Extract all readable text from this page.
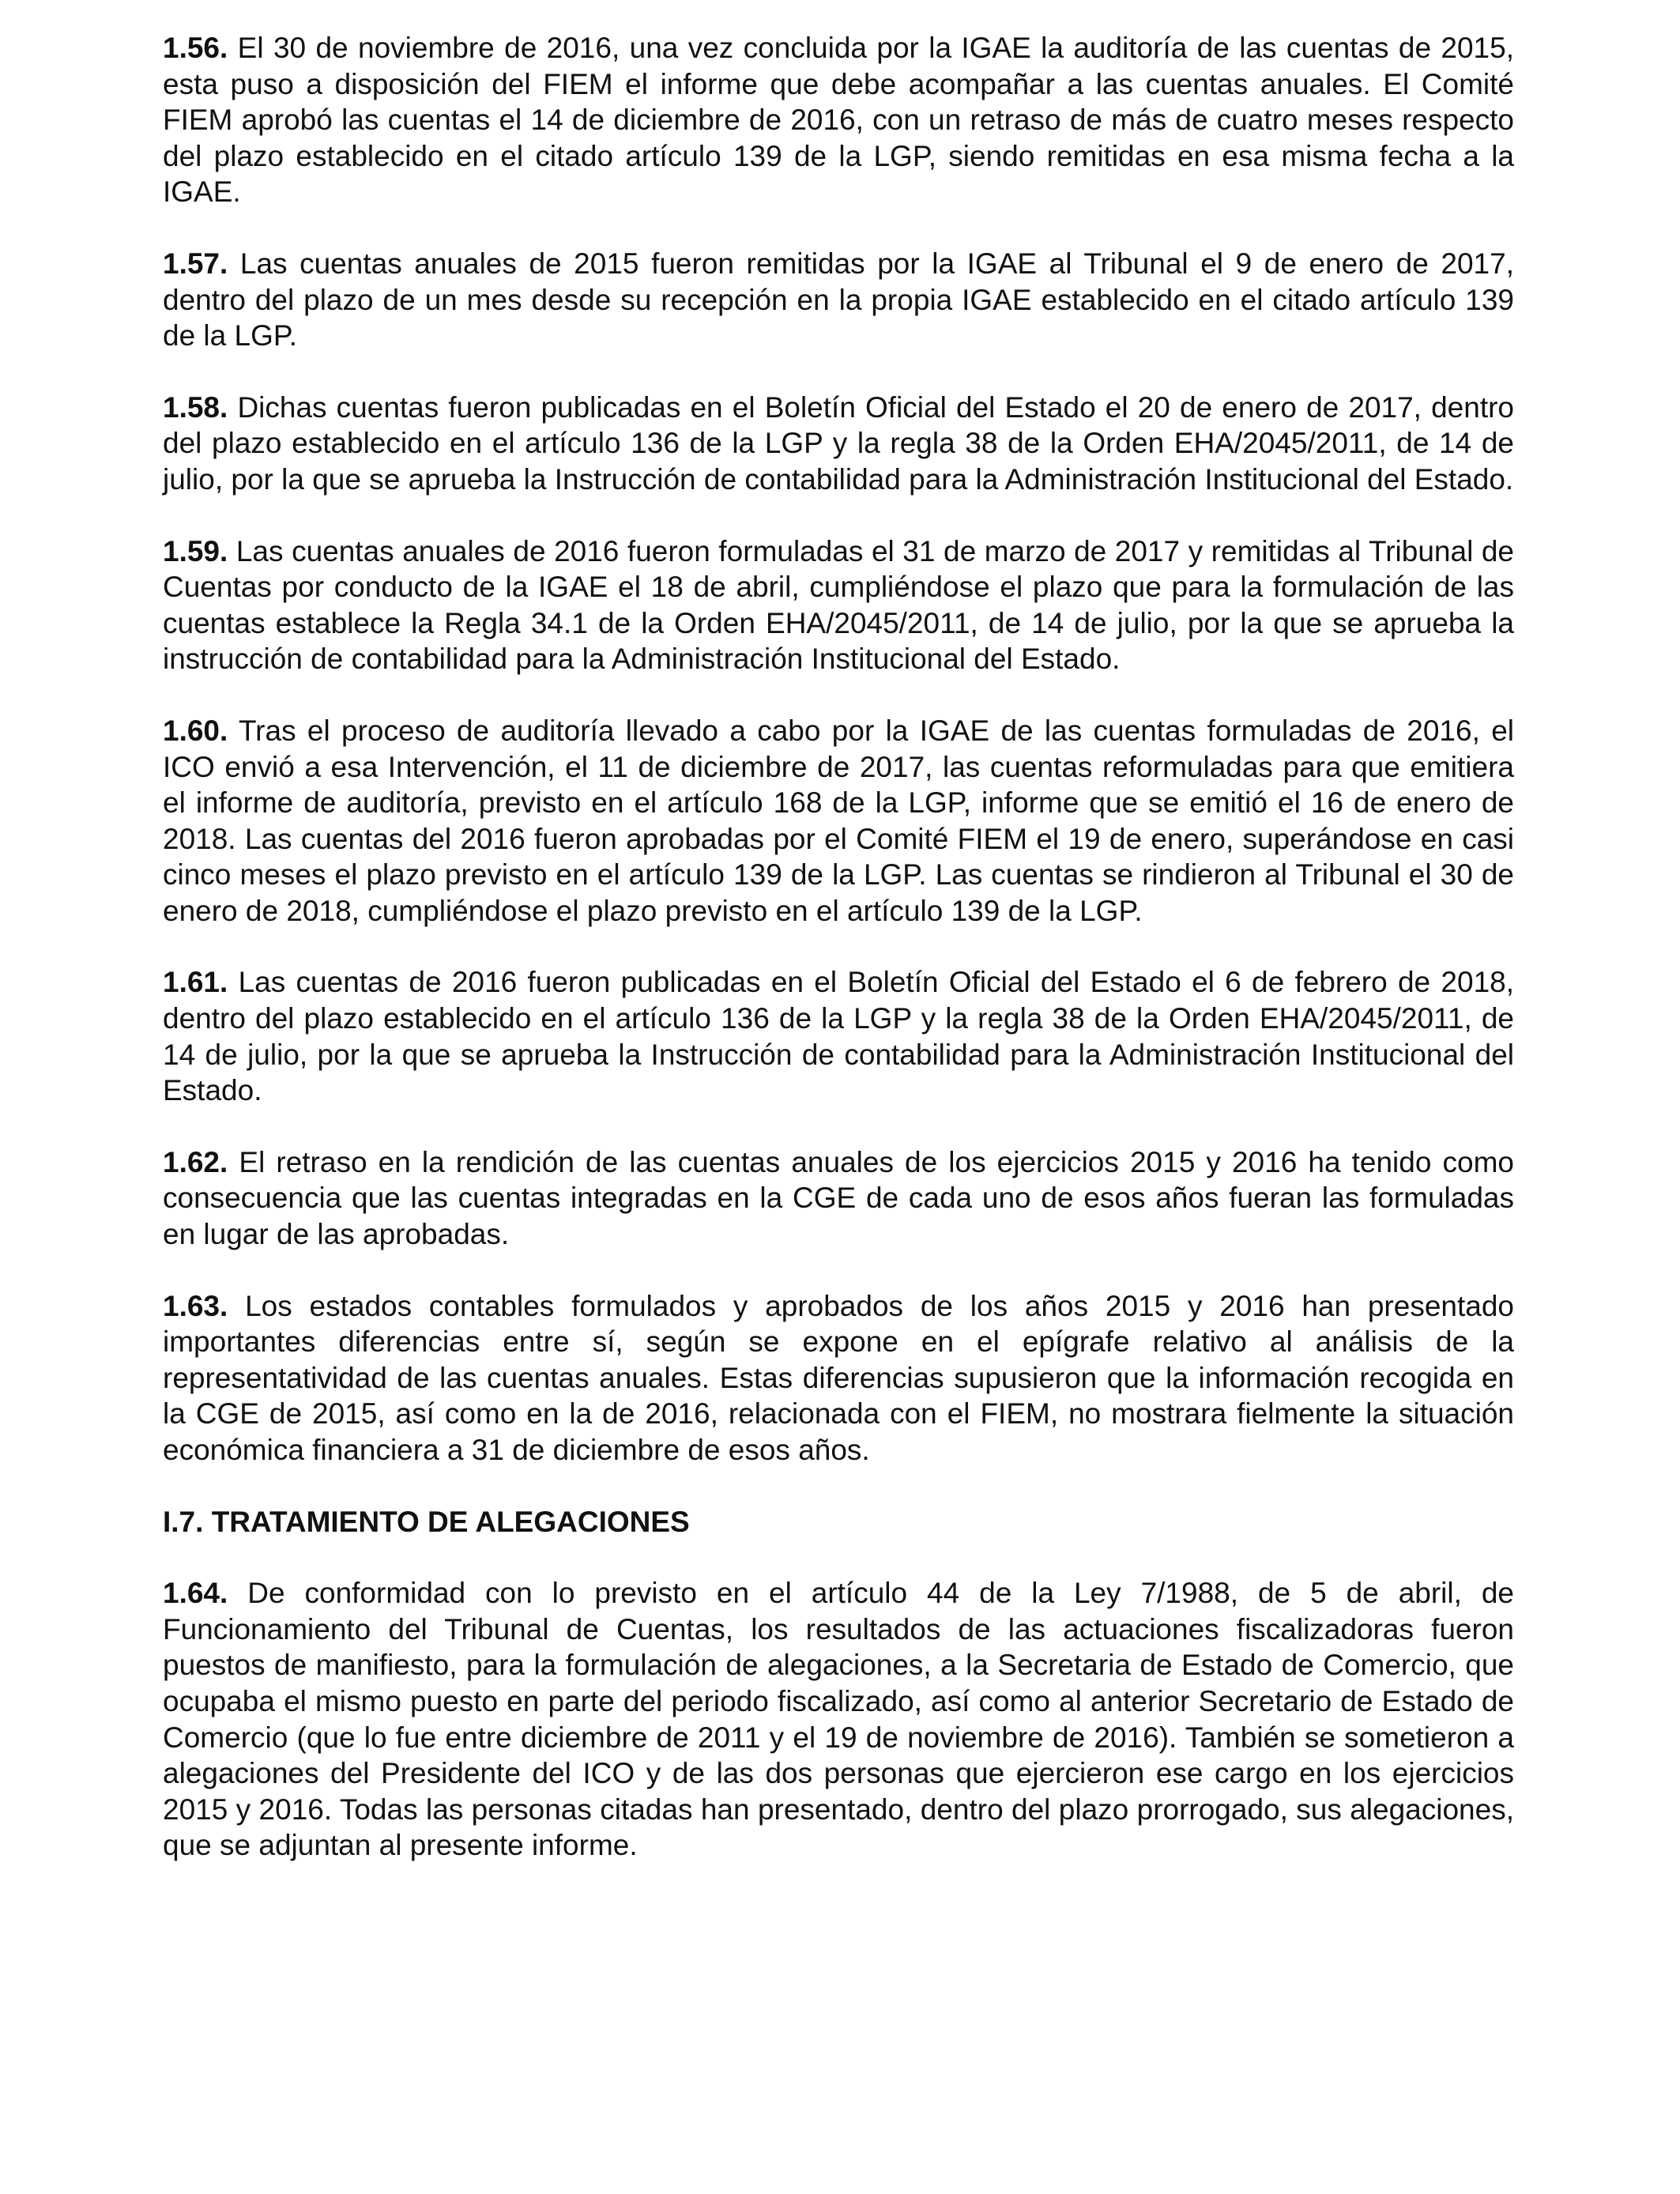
1.56. El 30 de noviembre de 2016, una vez concluida por la IGAE la auditoría de las cuentas de 2015, esta puso a disposición del FIEM el informe que debe acompañar a las cuentas anuales. El Comité FIEM aprobó las cuentas el 14 de diciembre de 2016, con un retraso de más de cuatro meses respecto del plazo establecido en el citado artículo 139 de la LGP, siendo remitidas en esa misma fecha a la IGAE.

1.57. Las cuentas anuales de 2015 fueron remitidas por la IGAE al Tribunal el 9 de enero de 2017, dentro del plazo de un mes desde su recepción en la propia IGAE establecido en el citado artículo 139 de la LGP.

1.58. Dichas cuentas fueron publicadas en el Boletín Oficial del Estado el 20 de enero de 2017, dentro del plazo establecido en el artículo 136 de la LGP y la regla 38 de la Orden EHA/2045/2011, de 14 de julio, por la que se aprueba la Instrucción de contabilidad para la Administración Institucional del Estado.

1.59. Las cuentas anuales de 2016 fueron formuladas el 31 de marzo de 2017 y remitidas al Tribunal de Cuentas por conducto de la IGAE el 18 de abril, cumpliéndose el plazo que para la formulación de las cuentas establece la Regla 34.1 de la Orden EHA/2045/2011, de 14 de julio, por la que se aprueba la instrucción de contabilidad para la Administración Institucional del Estado.

1.60. Tras el proceso de auditoría llevado a cabo por la IGAE de las cuentas formuladas de 2016, el ICO envió a esa Intervención, el 11 de diciembre de 2017, las cuentas reformuladas para que emitiera el informe de auditoría, previsto en el artículo 168 de la LGP, informe que se emitió el 16 de enero de 2018. Las cuentas del 2016 fueron aprobadas por el Comité FIEM el 19 de enero, superándose en casi cinco meses el plazo previsto en el artículo 139 de la LGP. Las cuentas se rindieron al Tribunal el 30 de enero de 2018, cumpliéndose el plazo previsto en el artículo 139 de la LGP.

1.61. Las cuentas de 2016 fueron publicadas en el Boletín Oficial del Estado el 6 de febrero de 2018, dentro del plazo establecido en el artículo 136 de la LGP y la regla 38 de la Orden EHA/2045/2011, de 14 de julio, por la que se aprueba la Instrucción de contabilidad para la Administración Institucional del Estado.

1.62. El retraso en la rendición de las cuentas anuales de los ejercicios 2015 y 2016 ha tenido como consecuencia que las cuentas integradas en la CGE de cada uno de esos años fueran las formuladas en lugar de las aprobadas.

1.63. Los estados contables formulados y aprobados de los años 2015 y 2016 han presentado importantes diferencias entre sí, según se expone en el epígrafe relativo al análisis de la representatividad de las cuentas anuales. Estas diferencias supusieron que la información recogida en la CGE de 2015, así como en la de 2016, relacionada con el FIEM, no mostrara fielmente la situación económica financiera a 31 de diciembre de esos años.

I.7. TRATAMIENTO DE ALEGACIONES

1.64. De conformidad con lo previsto en el artículo 44 de la Ley 7/1988, de 5 de abril, de Funcionamiento del Tribunal de Cuentas, los resultados de las actuaciones fiscalizadoras fueron puestos de manifiesto, para la formulación de alegaciones, a la Secretaria de Estado de Comercio, que ocupaba el mismo puesto en parte del periodo fiscalizado, así como al anterior Secretario de Estado de Comercio (que lo fue entre diciembre de 2011 y el 19 de noviembre de 2016). También se sometieron a alegaciones del Presidente del ICO y de las dos personas que ejercieron ese cargo en los ejercicios 2015 y 2016. Todas las personas citadas han presentado, dentro del plazo prorrogado, sus alegaciones, que se adjuntan al presente informe.
